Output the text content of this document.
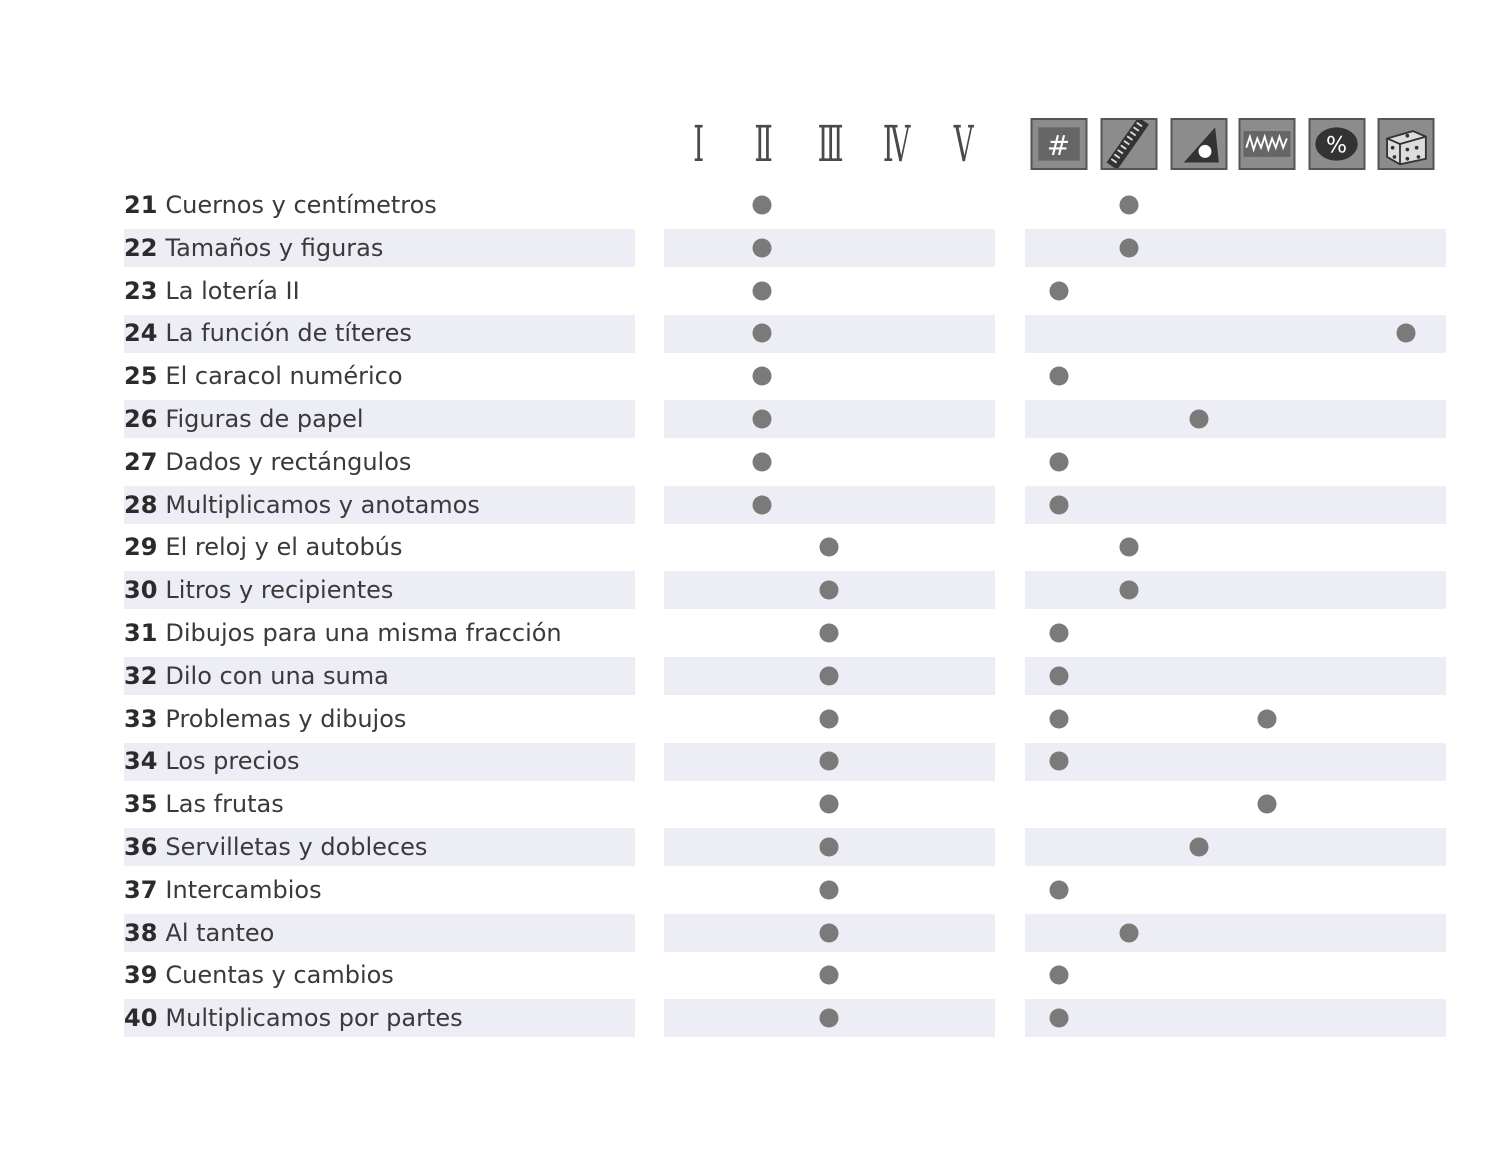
I II III IV V	#	%
21 Cuernos y centímetros
22 Tamaños y figuras
23 La lotería II
24 La función de títeres
25 El caracol numérico
26 Figuras de papel
27 Dados y rectángulos
28 Multiplicamos y anotamos
29 El reloj y el autobús
30 Litros y recipientes
31 Dibujos para una misma fracción
32 Dilo con una suma
33 Problemas y dibujos
34 Los precios
35 Las frutas
36 Servilletas y dobleces
37 Intercambios
38 Al tanteo
39 Cuentas y cambios
40 Multiplicamos por partes
